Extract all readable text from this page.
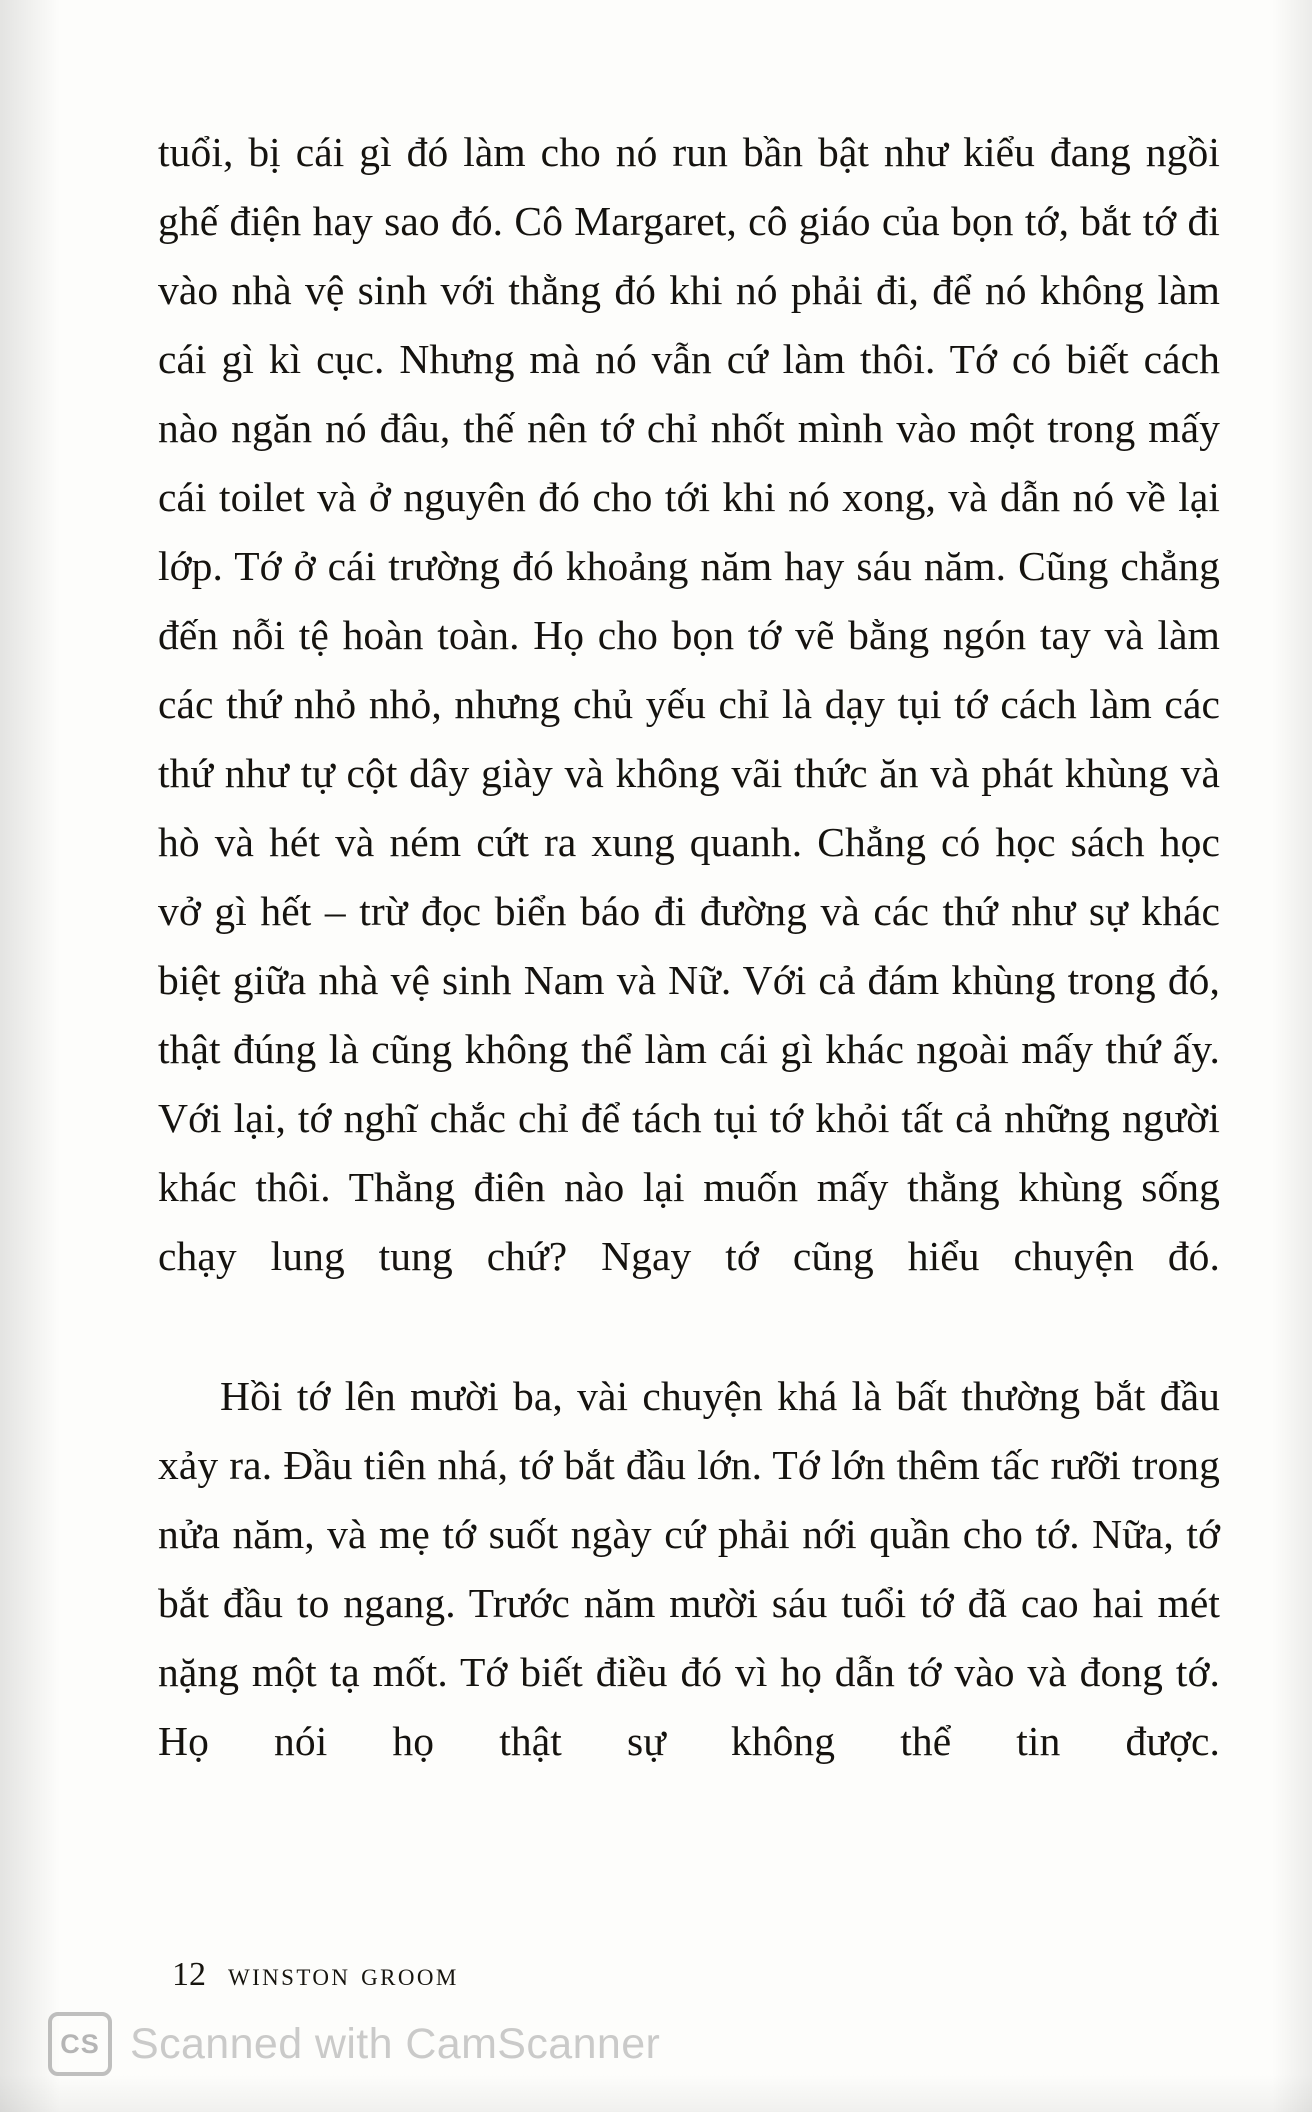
tuổi, bị cái gì đó làm cho nó run bần bật như kiểu đang ngồi ghế điện hay sao đó. Cô Margaret, cô giáo của bọn tớ, bắt tớ đi vào nhà vệ sinh với thằng đó khi nó phải đi, để nó không làm cái gì kì cục. Nhưng mà nó vẫn cứ làm thôi. Tớ có biết cách nào ngăn nó đâu, thế nên tớ chỉ nhốt mình vào một trong mấy cái toilet và ở nguyên đó cho tới khi nó xong, và dẫn nó về lại lớp. Tớ ở cái trường đó khoảng năm hay sáu năm. Cũng chẳng đến nỗi tệ hoàn toàn. Họ cho bọn tớ vẽ bằng ngón tay và làm các thứ nhỏ nhỏ, nhưng chủ yếu chỉ là dạy tụi tớ cách làm các thứ như tự cột dây giày và không vãi thức ăn và phát khùng và hò và hét và ném cứt ra xung quanh. Chẳng có học sách học vở gì hết – trừ đọc biển báo đi đường và các thứ như sự khác biệt giữa nhà vệ sinh Nam và Nữ. Với cả đám khùng trong đó, thật đúng là cũng không thể làm cái gì khác ngoài mấy thứ ấy. Với lại, tớ nghĩ chắc chỉ để tách tụi tớ khỏi tất cả những người khác thôi. Thằng điên nào lại muốn mấy thằng khùng sống chạy lung tung chứ? Ngay tớ cũng hiểu chuyện đó.

Hồi tớ lên mười ba, vài chuyện khá là bất thường bắt đầu xảy ra. Đầu tiên nhá, tớ bắt đầu lớn. Tớ lớn thêm tấc rưỡi trong nửa năm, và mẹ tớ suốt ngày cứ phải nới quần cho tớ. Nữa, tớ bắt đầu to ngang. Trước năm mười sáu tuổi tớ đã cao hai mét nặng một tạ mốt. Tớ biết điều đó vì họ dẫn tớ vào và đong tớ. Họ nói họ thật sự không thể tin được.

12 winston groom
CS Scanned with CamScanner
